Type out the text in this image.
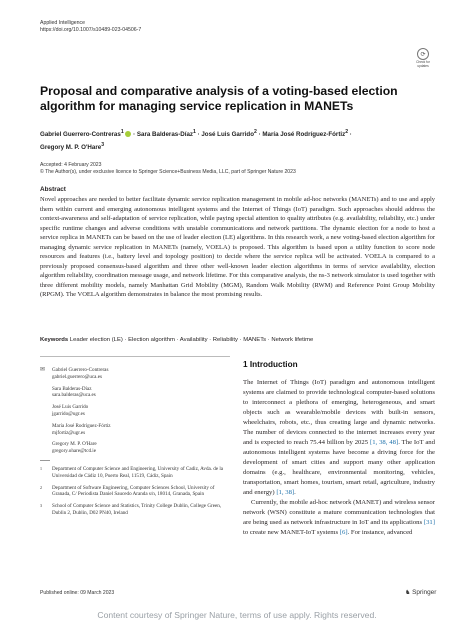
Applied Intelligence
https://doi.org/10.1007/s10489-023-04506-7
⟳
Check for
updates
Proposal and comparative analysis of a voting-based election algorithm for managing service replication in MANETs
Gabriel Guerrero-Contreras$^1$  · Sara Balderas-Díaz$^1$ · José Luis Garrido$^2$ · María José Rodríguez-Fórtiz$^2$ ·
Gregory M. P. O'Hare$^3$
Accepted: 4 February 2023
© The Author(s), under exclusive licence to Springer Science+Business Media, LLC, part of Springer Nature 2023
Abstract
Novel approaches are needed to better facilitate dynamic service replication management in mobile ad-hoc networks (MANETs) and to use and apply them within current and emerging autonomous intelligent systems and the Internet of Things (IoT) paradigm. Such approaches should address the context-awareness and self-adaptation of service replication, while paying special attention to quality attributes (e.g. availability, reliability, etc.) under specific runtime changes and adverse conditions with unstable communications and network partitions. The dynamic election for a node to host a service replica in MANETs can be based on the use of leader election (LE) algorithms. In this research work, a new voting-based election algorithm for managing dynamic service replication in MANETs (namely, VOELA) is proposed. This algorithm is based upon a utility function to score node resources and features (i.e., battery level and topology position) to decide where the service replica will be activated. VOELA is compared to a previously proposed consensus-based algorithm and three other well-known leader election algorithms in terms of service availability, election algorithm reliability, coordination message usage, and network lifetime. For this comparative analysis, the ns-3 network simulator is used together with three different mobility models, namely Manhattan Grid Mobility (MGM), Random Walk Mobility (RWM) and Reference Point Group Mobility (RPGM). The VOELA algorithm demonstrates in balance the most promising results.
Keywords Leader election (LE) · Election algorithm · Availability · Reliability · MANETs · Network lifetime
✉ Gabriel Guerrero-Contreras
gabriel.guerrero@uca.es
Sara Balderas-Díaz
sara.balderas@uca.es
José Luis Garrido
jgarrido@ugr.es
María José Rodríguez-Fórtiz
mjfortiz@ugr.es
Gregory M. P. O'Hare
gregory.ohare@tcd.ie
1	Department of Computer Science and Engineering, University of Cadiz, Avda. de la Universidad de Cádiz 10, Puerto Real, 11519, Cádiz, Spain
2	Department of Software Engineering, Computer Sciences School, University of Granada, C/ Periodista Daniel Saucedo Aranda s/n, 18014, Granada, Spain
3	School of Computer Science and Statistics, Trinity College Dublin, College Green, Dublin 2, Dublin, D02 PN40, Ireland
1 Introduction

The Internet of Things (IoT) paradigm and autonomous intelligent systems are claimed to provide technological computer-based solutions to interconnect a plethora of emerging, heterogeneous, and smart objects such as wearable/mobile devices with built-in sensors, wheelchairs, robots, etc., thus creating large and dynamic networks. The number of devices connected to the internet increases every year and is expected to reach 75.44 billion by 2025 [1, 38, 48]. The IoT and autonomous intelligent systems have become a driving force for the development of smart cities and support many other application domains (e.g., healthcare, environmental monitoring, vehicles, transportation, smart homes, tourism, smart retail, agriculture, industry and energy) [1, 38].

Currently, the mobile ad-hoc network (MANET) and wireless sensor network (WSN) constitute a mature communication technologies that are being used as network infrastructure in IoT and its applications [31] to create new MANET-IoT systems [6]. For instance, advanced

Published online: 09 March 2023	♞ Springer
Content courtesy of Springer Nature, terms of use apply. Rights reserved.
